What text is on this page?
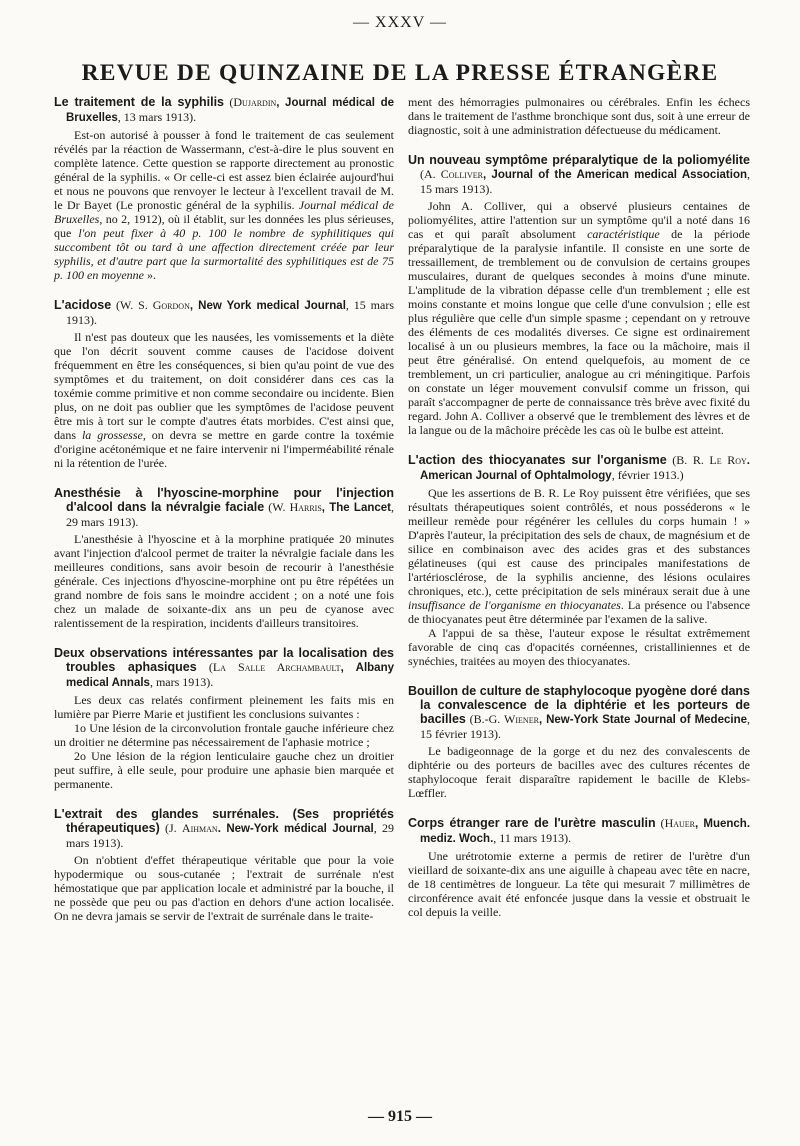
— XXXV —
REVUE DE QUINZAINE DE LA PRESSE ÉTRANGÈRE

Le traitement de la syphilis (Dujardin, Journal médical de Bruxelles, 13 mars 1913).

Est-on autorisé à pousser à fond le traitement de cas seulement révélés par la réaction de Wassermann, c'est-à-dire le plus souvent en complète latence. Cette question se rapporte directement au pronostic général de la syphilis. « Or celle-ci est assez bien éclairée aujourd'hui et nous ne pouvons que renvoyer le lecteur à l'excellent travail de M. le Dr Bayet (Le pronostic général de la syphilis. Journal médical de Bruxelles, no 2, 1912), où il établit, sur les données les plus sérieuses, que l'on peut fixer à 40 p. 100 le nombre de syphilitiques qui succombent tôt ou tard à une affection directement créée par leur syphilis, et d'autre part que la surmortalité des syphilitiques est de 75 p. 100 en moyenne ».

L'acidose (W. S. Gordon, New York medical Journal, 15 mars 1913).

Il n'est pas douteux que les nausées, les vomissements et la diète que l'on décrit souvent comme causes de l'acidose doivent fréquemment en être les conséquences, si bien qu'au point de vue des symptômes et du traitement, on doit considérer dans ces cas la toxémie comme primitive et non comme secondaire ou incidente. Bien plus, on ne doit pas oublier que les symptômes de l'acidose peuvent être mis à tort sur le compte d'autres états morbides. C'est ainsi que, dans la grossesse, on devra se mettre en garde contre la toxémie d'origine acétonémique et ne faire intervenir ni l'imperméabilité rénale ni la rétention de l'urée.

Anesthésie à l'hyoscine-morphine pour l'injection d'alcool dans la névralgie faciale (W. Harris, The Lancet, 29 mars 1913).

L'anesthésie à l'hyoscine et à la morphine pratiquée 20 minutes avant l'injection d'alcool permet de traiter la névralgie faciale dans les meilleures conditions, sans avoir besoin de recourir à l'anesthésie générale. Ces injections d'hyoscine-morphine ont pu être répétées un grand nombre de fois sans le moindre accident ; on a noté une fois chez un malade de soixante-dix ans un peu de cyanose avec ralentissement de la respiration, incidents d'ailleurs transitoires.

Deux observations intéressantes par la localisation des troubles aphasiques (La Salle Archambault, Albany medical Annals, mars 1913).

Les deux cas relatés confirment pleinement les faits mis en lumière par Pierre Marie et justifient les conclusions suivantes :

1o Une lésion de la circonvolution frontale gauche inférieure chez un droitier ne détermine pas nécessairement de l'aphasie motrice ;

2o Une lésion de la région lenticulaire gauche chez un droitier peut suffire, à elle seule, pour produire une aphasie bien marquée et permanente.

L'extrait des glandes surrénales. (Ses propriétés thérapeutiques) (J. Aihman. New-York médical Journal, 29 mars 1913).

On n'obtient d'effet thérapeutique véritable que pour la voie hypodermique ou sous-cutanée ; l'extrait de surrénale n'est hémostatique que par application locale et administré par la bouche, il ne possède que peu ou pas d'action en dehors d'une action localisée. On ne devra jamais se servir de l'extrait de surrénale dans le traite-

ment des hémorragies pulmonaires ou cérébrales. Enfin les échecs dans le traitement de l'asthme bronchique sont dus, soit à une erreur de diagnostic, soit à une administration défectueuse du médicament.

Un nouveau symptôme préparalytique de la poliomyélite (A. Colliver, Journal of the American medical Association, 15 mars 1913).

John A. Colliver, qui a observé plusieurs centaines de poliomyélites, attire l'attention sur un symptôme qu'il a noté dans 16 cas et qui paraît absolument caractéristique de la période préparalytique de la paralysie infantile. Il consiste en une sorte de tressaillement, de tremblement ou de convulsion de certains groupes musculaires, durant de quelques secondes à moins d'une minute. L'amplitude de la vibration dépasse celle d'un tremblement ; elle est moins constante et moins longue que celle d'une convulsion ; elle est plus régulière que celle d'un simple spasme ; cependant on y retrouve des éléments de ces modalités diverses. Ce signe est ordinairement localisé à un ou plusieurs membres, la face ou la mâchoire, mais il peut être généralisé. On entend quelquefois, au moment de ce tremblement, un cri particulier, analogue au cri méningitique. Parfois on constate un léger mouvement convulsif comme un frisson, qui paraît s'accompagner de perte de connaissance très brève avec fixité du regard. John A. Colliver a observé que le tremblement des lèvres et de la langue ou de la mâchoire précède les cas où le bulbe est atteint.

L'action des thiocyanates sur l'organisme (B. R. Le Roy. American Journal of Ophtalmology, février 1913.)

Que les assertions de B. R. Le Roy puissent être vérifiées, que ses résultats thérapeutiques soient contrôlés, et nous posséderons « le meilleur remède pour régénérer les cellules du corps humain ! » D'après l'auteur, la précipitation des sels de chaux, de magnésium et de silice en combinaison avec des acides gras et des substances gélatineuses (qui est cause des principales manifestations de l'artériosclérose, de la syphilis ancienne, des lésions oculaires chroniques, etc.), cette précipitation de sels minéraux serait due à une insuffisance de l'organisme en thiocyanates. La présence ou l'absence de thiocyanates peut être déterminée par l'examen de la salive.

A l'appui de sa thèse, l'auteur expose le résultat extrêmement favorable de cinq cas d'opacités cornéennes, cristalliniennes et de synéchies, traitées au moyen des thiocyanates.

Bouillon de culture de staphylocoque pyogène doré dans la convalescence de la diphtérie et les porteurs de bacilles (B.-G. Wiener, New-York State Journal of Medecine, 15 février 1913).

Le badigeonnage de la gorge et du nez des convalescents de diphtérie ou des porteurs de bacilles avec des cultures récentes de staphylocoque ferait disparaître rapidement le bacille de Klebs-Lœffler.

Corps étranger rare de l'urètre masculin (Hauer, Muench. mediz. Woch., 11 mars 1913).

Une urétrotomie externe a permis de retirer de l'urètre d'un vieillard de soixante-dix ans une aiguille à chapeau avec tête en nacre, de 18 centimètres de longueur. La tête qui mesurait 7 millimètres de circonférence avait été enfoncée jusque dans la vessie et obstruait le col depuis la veille.

— 915 —
